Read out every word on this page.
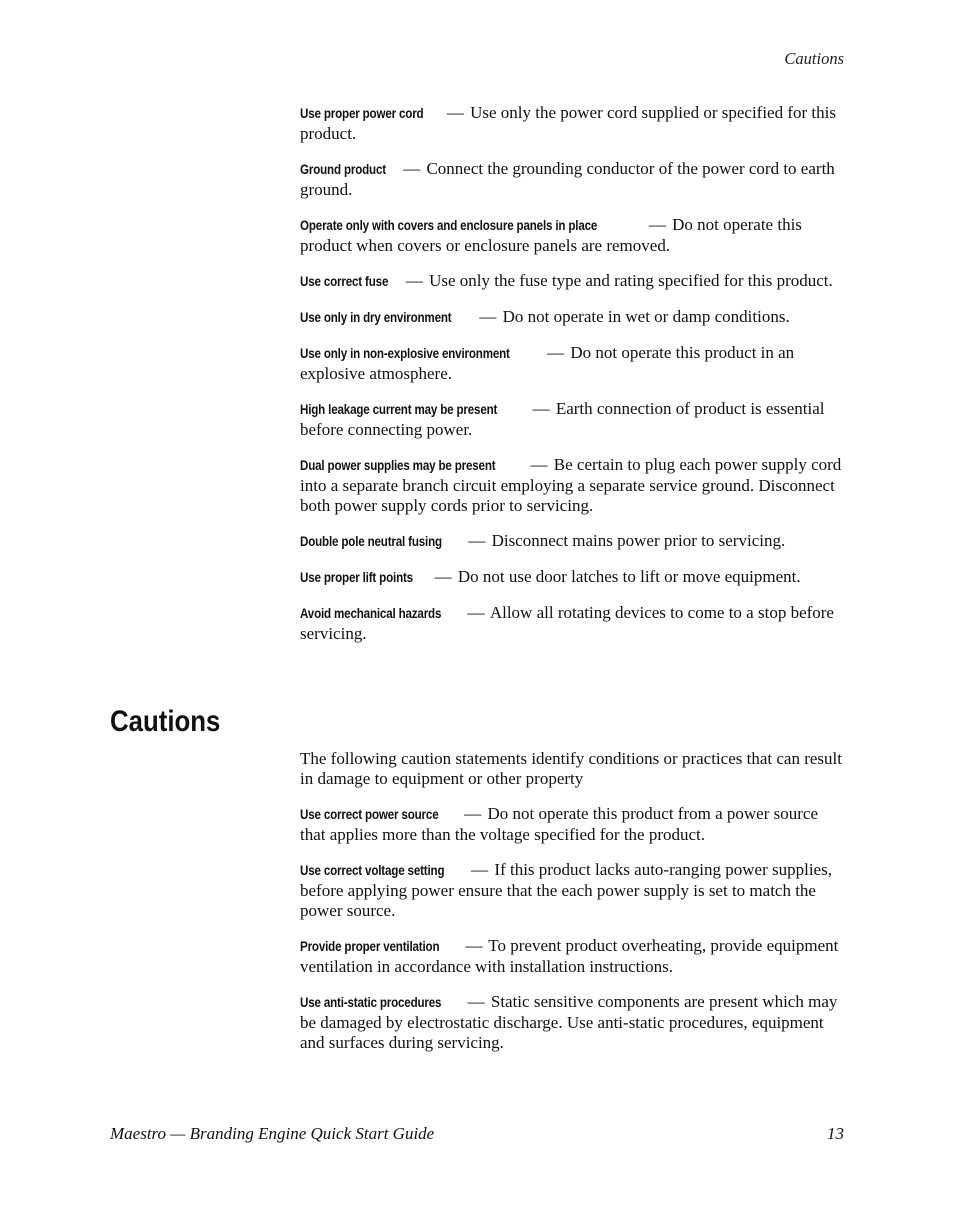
Cautions

Use proper power cord — Use only the power cord supplied or specified for this product.

Ground product — Connect the grounding conductor of the power cord to earth ground.

Operate only with covers and enclosure panels in place	— Do not operate this product when covers or enclosure panels are removed.

Use correct fuse — Use only the fuse type and rating specified for this product.

Use only in dry environment — Do not operate in wet or damp conditions.

Use only in non-explosive environment — Do not operate this product in an explosive atmosphere.

High leakage current may be present — Earth connection of product is essential before connecting power.

Dual power supplies may be present — Be certain to plug each power supply cord into a separate branch circuit employing a separate service ground. Disconnect both power supply cords prior to servicing.

Double pole neutral fusing — Disconnect mains power prior to servicing.

Use proper lift points — Do not use door latches to lift or move equipment.

Avoid mechanical hazards — Allow all rotating devices to come to a stop before servicing.

Cautions

The following caution statements identify conditions or practices that can result in damage to equipment or other property

Use correct power source — Do not operate this product from a power source that applies more than the voltage specified for the product.

Use correct voltage setting — If this product lacks auto-ranging power supplies, before applying power ensure that the each power supply is set to match the power source.

Provide proper ventilation — To prevent product overheating, provide equipment ventilation in accordance with installation instructions.

Use anti-static procedures — Static sensitive components are present which may be damaged by electrostatic discharge. Use anti-static procedures, equipment and surfaces during servicing.

Maestro — Branding Engine Quick Start Guide	13
